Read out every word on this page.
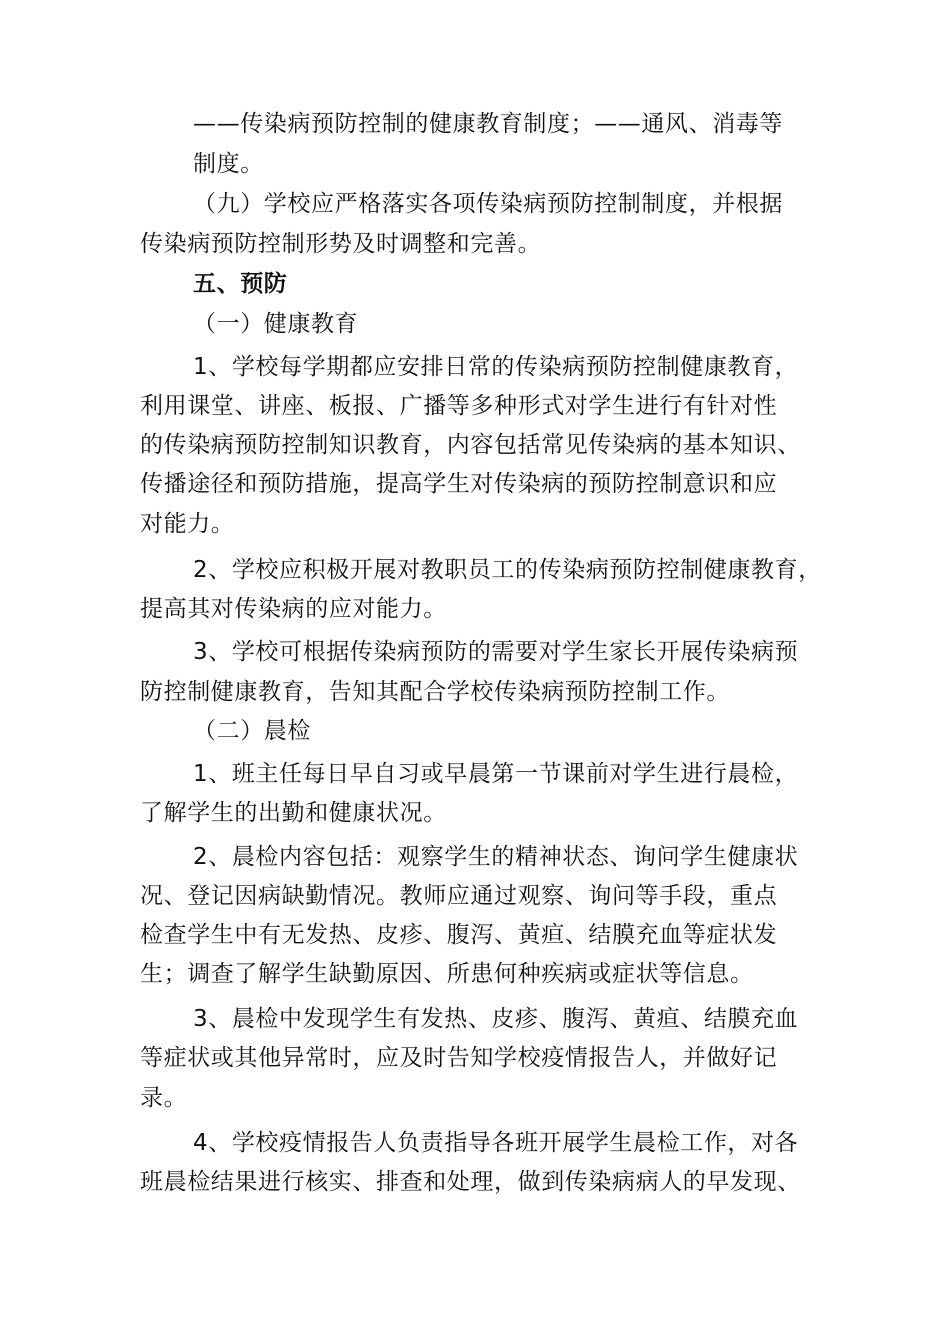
——传染病预防控制的健康教育制度；——通风、消毒等
制度。
（九）学校应严格落实各项传染病预防控制制度，并根据
传染病预防控制形势及时调整和完善。
五、预防
（一）健康教育
1、学校每学期都应安排日常的传染病预防控制健康教育，
利用课堂、讲座、板报、广播等多种形式对学生进行有针对性
的传染病预防控制知识教育，内容包括常见传染病的基本知识、
传播途径和预防措施，提高学生对传染病的预防控制意识和应
对能力。
2、学校应积极开展对教职员工的传染病预防控制健康教育，
提高其对传染病的应对能力。
3、学校可根据传染病预防的需要对学生家长开展传染病预
防控制健康教育，告知其配合学校传染病预防控制工作。
（二）晨检
1、班主任每日早自习或早晨第一节课前对学生进行晨检，
了解学生的出勤和健康状况。
2、晨检内容包括：观察学生的精神状态、询问学生健康状
况、登记因病缺勤情况。教师应通过观察、询问等手段，重点
检查学生中有无发热、皮疹、腹泻、黄疸、结膜充血等症状发
生；调查了解学生缺勤原因、所患何种疾病或症状等信息。
3、晨检中发现学生有发热、皮疹、腹泻、黄疸、结膜充血
等症状或其他异常时，应及时告知学校疫情报告人，并做好记
录。
4、学校疫情报告人负责指导各班开展学生晨检工作，对各
班晨检结果进行核实、排查和处理，做到传染病病人的早发现、
